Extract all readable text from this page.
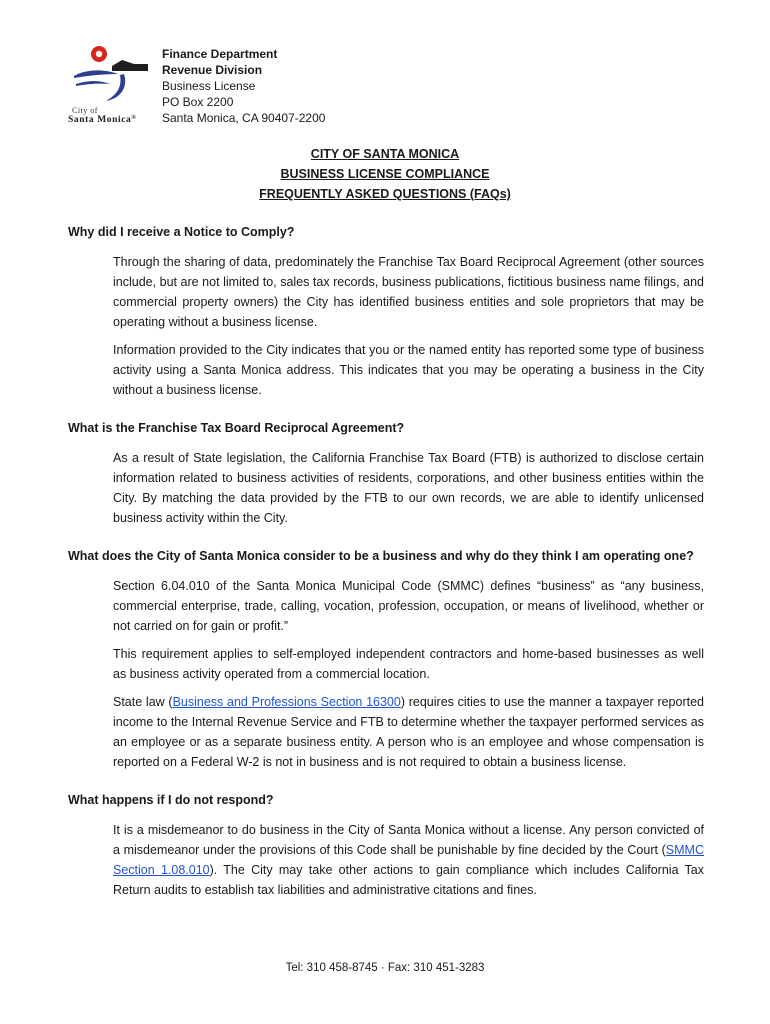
City of
Santa Monica®
Finance Department
Revenue Division
Business License
PO Box 2200
Santa Monica, CA 90407-2200
CITY OF SANTA MONICA
BUSINESS LICENSE COMPLIANCE
FREQUENTLY ASKED QUESTIONS (FAQs)
Why did I receive a Notice to Comply?

Through the sharing of data, predominately the Franchise Tax Board Reciprocal Agreement (other sources include, but are not limited to, sales tax records, business publications, fictitious business name filings, and commercial property owners) the City has identified business entities and sole proprietors that may be operating without a business license.

Information provided to the City indicates that you or the named entity has reported some type of business activity using a Santa Monica address. This indicates that you may be operating a business in the City without a business license.

What is the Franchise Tax Board Reciprocal Agreement?

As a result of State legislation, the California Franchise Tax Board (FTB) is authorized to disclose certain information related to business activities of residents, corporations, and other business entities within the City. By matching the data provided by the FTB to our own records, we are able to identify unlicensed business activity within the City.

What does the City of Santa Monica consider to be a business and why do they think I am operating one?

Section 6.04.010 of the Santa Monica Municipal Code (SMMC) defines “business” as “any business, commercial enterprise, trade, calling, vocation, profession, occupation, or means of livelihood, whether or not carried on for gain or profit.”

This requirement applies to self-employed independent contractors and home-based businesses as well as business activity operated from a commercial location.

State law (Business and Professions Section 16300) requires cities to use the manner a taxpayer reported income to the Internal Revenue Service and FTB to determine whether the taxpayer performed services as an employee or as a separate business entity. A person who is an employee and whose compensation is reported on a Federal W-2 is not in business and is not required to obtain a business license.

What happens if I do not respond?

It is a misdemeanor to do business in the City of Santa Monica without a license. Any person convicted of a misdemeanor under the provisions of this Code shall be punishable by fine decided by the Court (SMMC Section 1.08.010). The City may take other actions to gain compliance which includes California Tax Return audits to establish tax liabilities and administrative citations and fines.

Tel: 310 458-8745 · Fax: 310 451-3283
